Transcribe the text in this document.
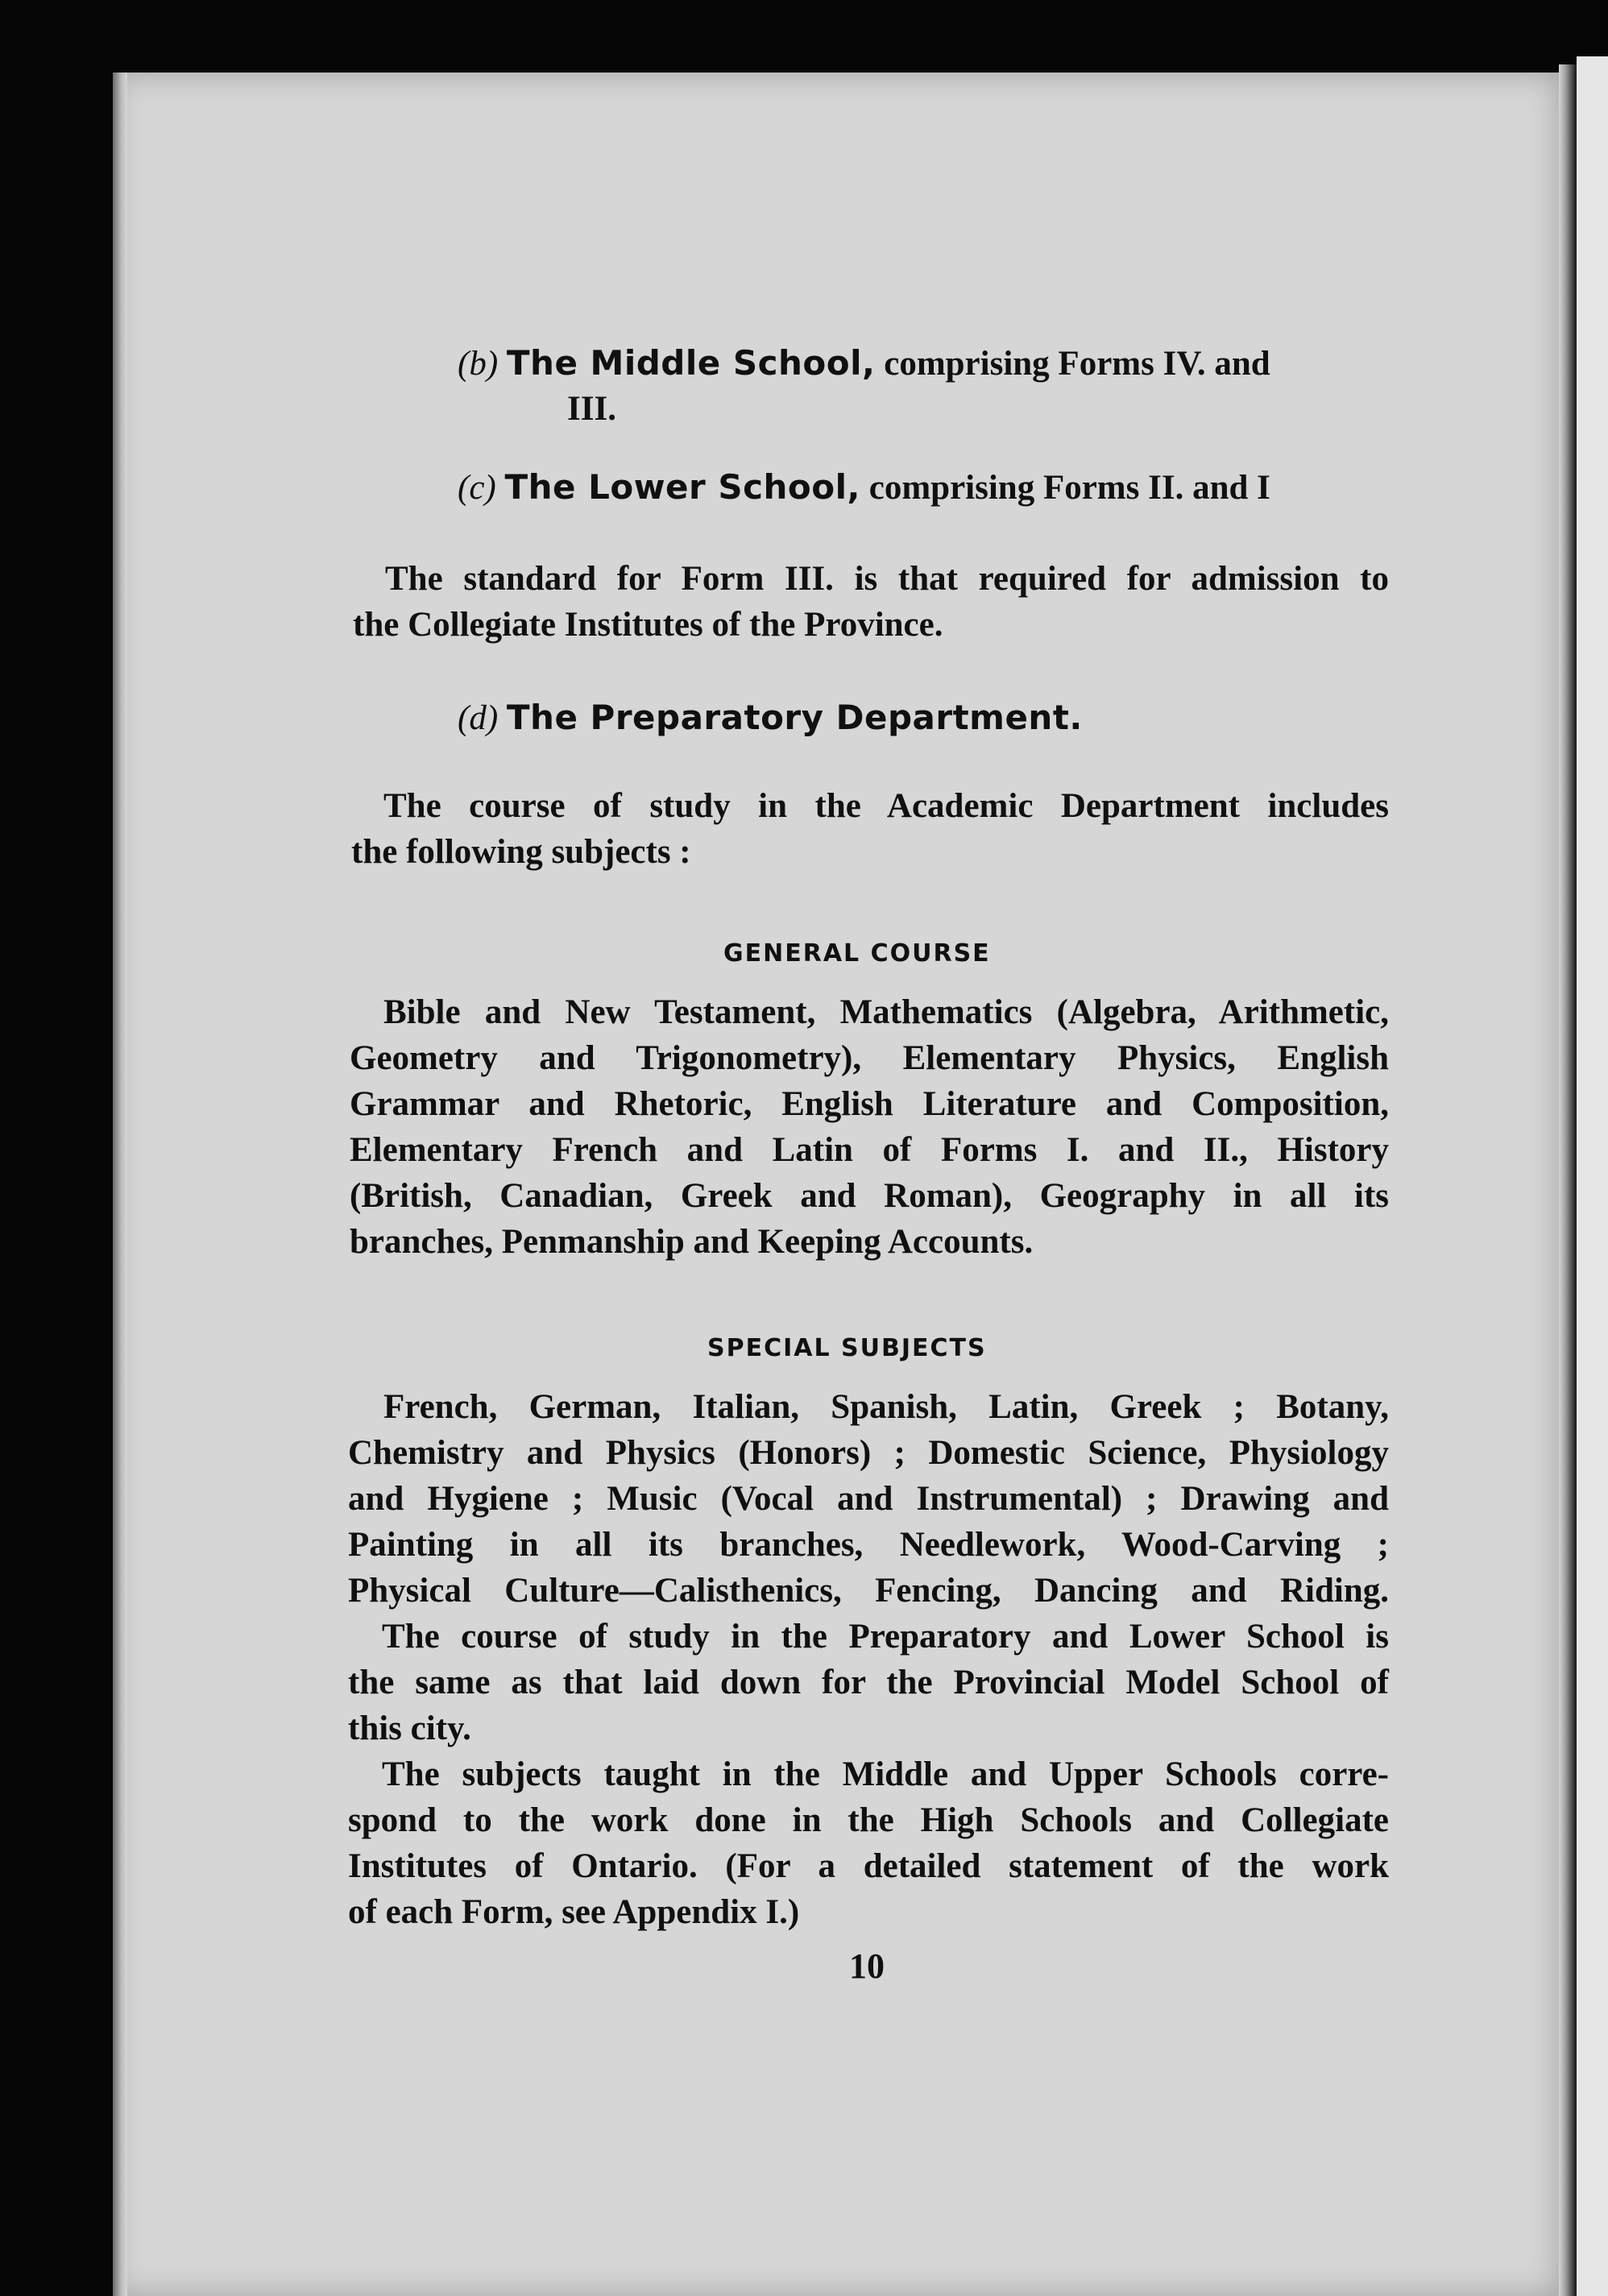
(b) The Middle School, comprising Forms IV. and
III.
(c) The Lower School, comprising Forms II. and I
The standard for Form III. is that required for admission to
the Collegiate Institutes of the Province.
(d) The Preparatory Department.
The course of study in the Academic Department includes
the following subjects :
GENERAL COURSE
Bible and New Testament, Mathematics (Algebra, Arithmetic,
Geometry and Trigonometry), Elementary Physics, English
Grammar and Rhetoric, English Literature and Composition,
Elementary French and Latin of Forms I. and II., History
(British, Canadian, Greek and Roman), Geography in all its
branches, Penmanship and Keeping Accounts.
SPECIAL SUBJECTS
French, German, Italian, Spanish, Latin, Greek ; Botany,
Chemistry and Physics (Honors) ; Domestic Science, Physiology
and Hygiene ; Music (Vocal and Instrumental) ; Drawing and
Painting in all its branches, Needlework, Wood-Carving ;
Physical Culture—Calisthenics, Fencing, Dancing and Riding.
The course of study in the Preparatory and Lower School is
the same as that laid down for the Provincial Model School of
this city.
The subjects taught in the Middle and Upper Schools corre-
spond to the work done in the High Schools and Collegiate
Institutes of Ontario. (For a detailed statement of the work
of each Form, see Appendix I.)
10
